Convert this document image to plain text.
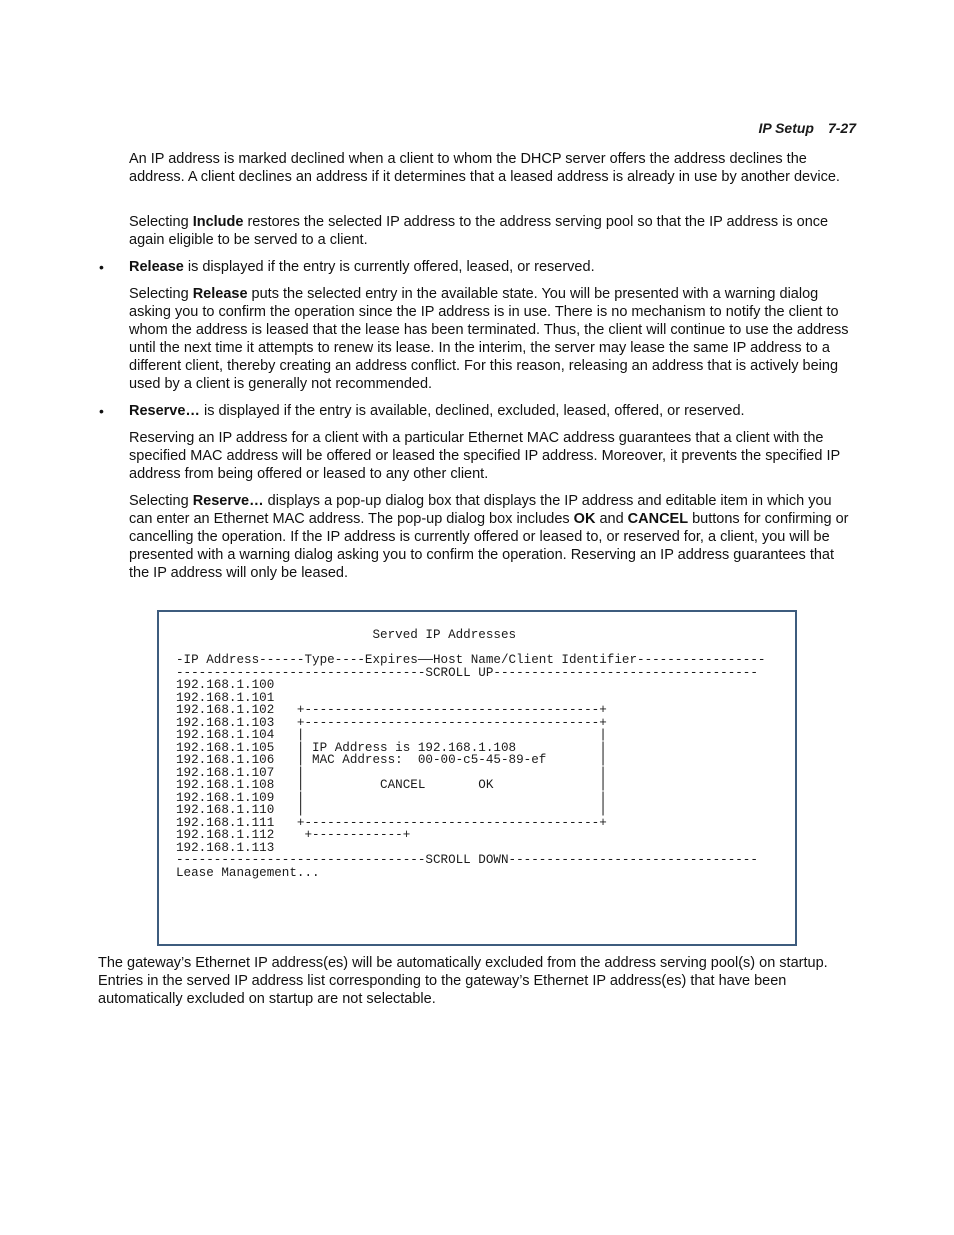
IP Setup 7-27

An IP address is marked declined when a client to whom the DHCP server offers the address declines the address. A client declines an address if it determines that a leased address is already in use by another device.

Selecting Include restores the selected IP address to the address serving pool so that the IP address is once again eligible to be served to a client.

• Release is displayed if the entry is currently offered, leased, or reserved.

Selecting Release puts the selected entry in the available state. You will be presented with a warning dialog asking you to confirm the operation since the IP address is in use. There is no mechanism to notify the client to whom the address is leased that the lease has been terminated. Thus, the client will continue to use the address until the next time it attempts to renew its lease. In the interim, the server may lease the same IP address to a different client, thereby creating an address conflict. For this reason, releasing an address that is actively being used by a client is generally not recommended.

• Reserve… is displayed if the entry is available, declined, excluded, leased, offered, or reserved.

Reserving an IP address for a client with a particular Ethernet MAC address guarantees that a client with the specified MAC address will be offered or leased the specified IP address. Moreover, it prevents the specified IP address from being offered or leased to any other client.

Selecting Reserve… displays a pop-up dialog box that displays the IP address and editable item in which you can enter an Ethernet MAC address. The pop-up dialog box includes OK and CANCEL buttons for confirming or cancelling the operation. If the IP address is currently offered or leased to, or reserved for, a client, you will be presented with a warning dialog asking you to confirm the operation. Reserving an IP address guarantees that the IP address will only be leased.

Served IP Addresses

-IP Address------Type----Expires——Host Name/Client Identifier-----------------
---------------------------------SCROLL UP-----------------------------------
192.168.1.100
192.168.1.101
192.168.1.102   +---------------------------------------+
192.168.1.103   +---------------------------------------+
192.168.1.104   |                                       |
192.168.1.105   | IP Address is 192.168.1.108           |
192.168.1.106   | MAC Address:  00-00-c5-45-89-ef       |
192.168.1.107   |                                       |
192.168.1.108   |          CANCEL       OK              |
192.168.1.109   |                                       |
192.168.1.110   |                                       |
192.168.1.111   +---------------------------------------+
192.168.1.112    +------------+
192.168.1.113
---------------------------------SCROLL DOWN---------------------------------
Lease Management...

The gateway’s Ethernet IP address(es) will be automatically excluded from the address serving pool(s) on startup. Entries in the served IP address list corresponding to the gateway’s Ethernet IP address(es) that have been automatically excluded on startup are not selectable.
